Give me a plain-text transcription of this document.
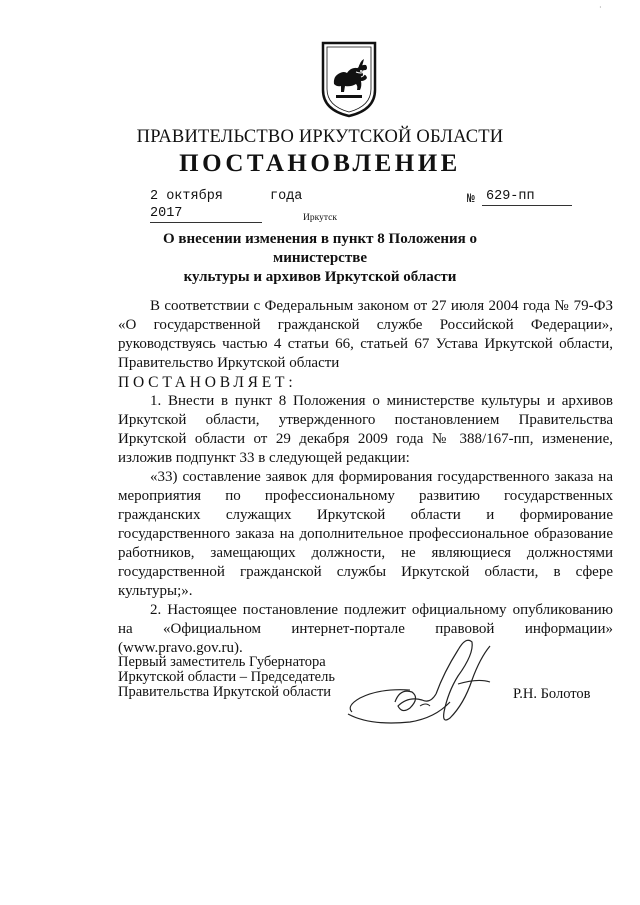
·
ПРАВИТЕЛЬСТВО ИРКУТСКОЙ ОБЛАСТИ
ПОСТАНОВЛЕНИЕ
2 октября 2017
года	№ 629-пп
Иркутск
О внесении изменения в пункт 8 Положения о министерстве
культуры и архивов Иркутской области

В соответствии с Федеральным законом от 27 июля 2004 года № 79-ФЗ «О государственной гражданской службе Российской Федерации», руководствуясь частью 4 статьи 66, статьей 67 Устава Иркутской области, Правительство Иркутской области

ПОСТАНОВЛЯЕТ:

1. Внести в пункт 8 Положения о министерстве культуры и архивов Иркутской области, утвержденного постановлением Правительства Иркутской области от 29 декабря 2009 года № 388/167-пп, изменение, изложив подпункт 33 в следующей редакции:

«33) составление заявок для формирования государственного заказа на мероприятия по профессиональному развитию государственных гражданских служащих Иркутской области и формирование государственного заказа на дополнительное профессиональное образование работников, замещающих должности, не являющиеся должностями государственной гражданской службы Иркутской области, в сфере культуры;».

2. Настоящее постановление подлежит официальному опубликованию на «Официальном интернет-портале правовой информации» (www.pravo.gov.ru).

Первый заместитель Губернатора
Иркутской области – Председатель
Правительства Иркутской области	Р.Н. Болотов
